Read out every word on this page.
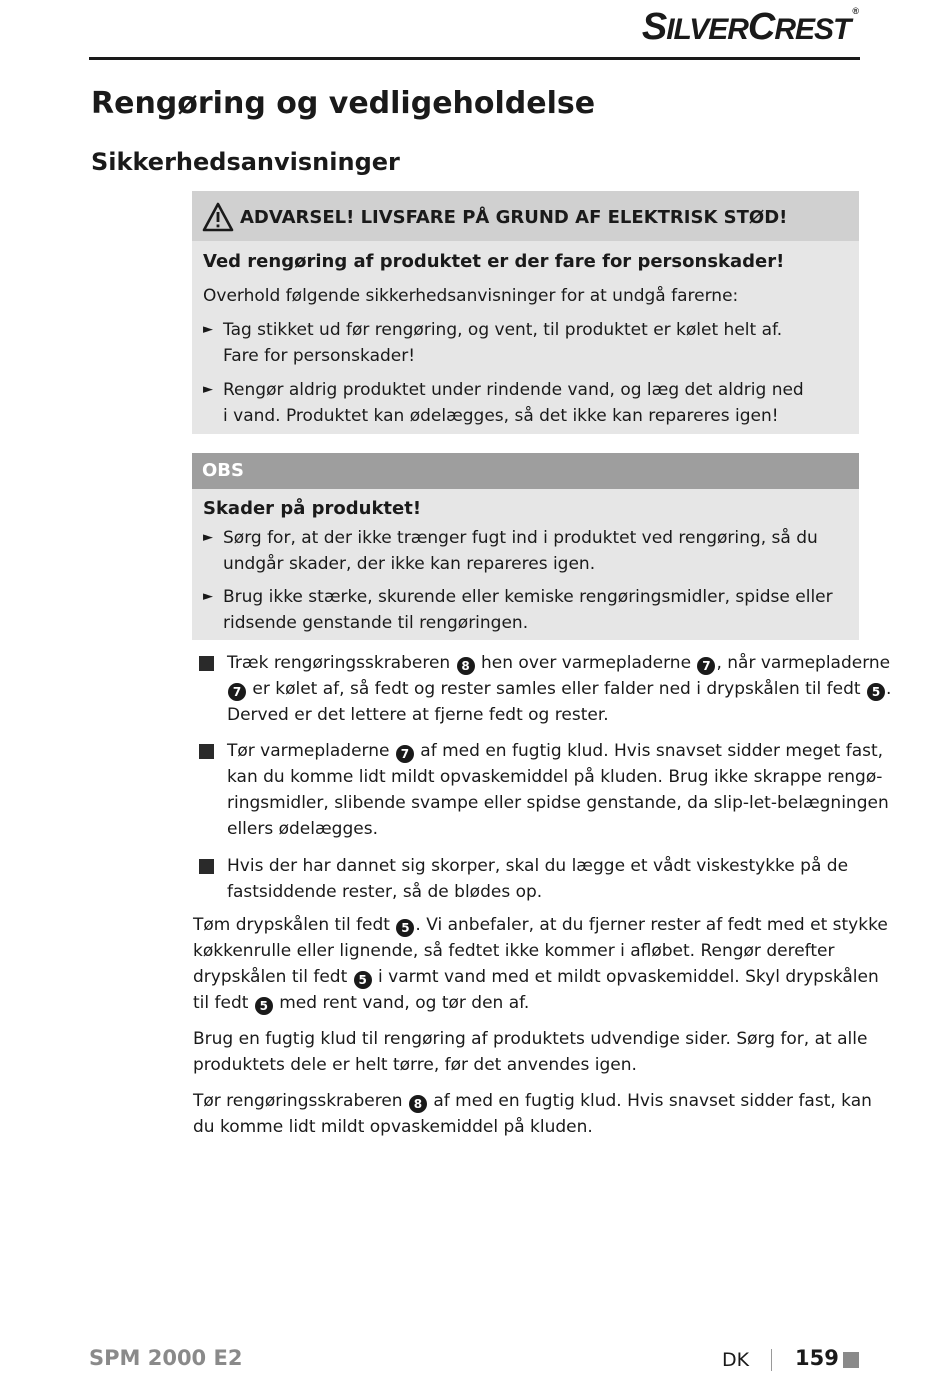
SILVERCREST®
Rengøring og vedligeholdelse
Sikkerhedsanvisninger
ADVARSEL! LIVSFARE PÅ GRUND AF ELEKTRISK STØD!

Ved rengøring af produktet er der fare for personskader!

Overhold følgende sikkerhedsanvisninger for at undgå farerne:

► Tag stikket ud før rengøring, og vent, til produktet er kølet helt af.
Fare for personskader!
► Rengør aldrig produktet under rindende vand, og læg det aldrig ned
i vand. Produktet kan ødelægges, så det ikke kan repareres igen!
OBS

Skader på produktet!

► Sørg for, at der ikke trænger fugt ind i produktet ved rengøring, så du
undgår skader, der ikke kan repareres igen.
► Brug ikke stærke, skurende eller kemiske rengøringsmidler, spidse eller
ridsende genstande til rengøringen.
Træk rengøringsskraberen 8 hen over varmepladerne 7 , når varmepladerne
7 er kølet af, så fedt og rester samles eller falder ned i drypskålen til fedt 5 .
Derved er det lettere at fjerne fedt og rester.
Tør varmepladerne 7 af med en fugtig klud. Hvis snavset sidder meget fast,
kan du komme lidt mildt opvaskemiddel på kluden. Brug ikke skrappe rengø-
ringsmidler, slibende svampe eller spidse genstande, da slip-let-belægningen
ellers ødelægges.
Hvis der har dannet sig skorper, skal du lægge et vådt viskestykke på de
fastsiddende rester, så de blødes op.
Tøm drypskålen til fedt 5 . Vi anbefaler, at du fjerner rester af fedt med et stykke
køkkenrulle eller lignende, så fedtet ikke kommer i afløbet. Rengør derefter
drypskålen til fedt 5 i varmt vand med et mildt opvaskemiddel. Skyl drypskålen
til fedt 5 med rent vand, og tør den af.
Brug en fugtig klud til rengøring af produktets udvendige sider. Sørg for, at alle
produktets dele er helt tørre, før det anvendes igen.
Tør rengøringsskraberen 8 af med en fugtig klud. Hvis snavset sidder fast, kan
du komme lidt mildt opvaskemiddel på kluden.
SPM 2000 E2	DK 159
